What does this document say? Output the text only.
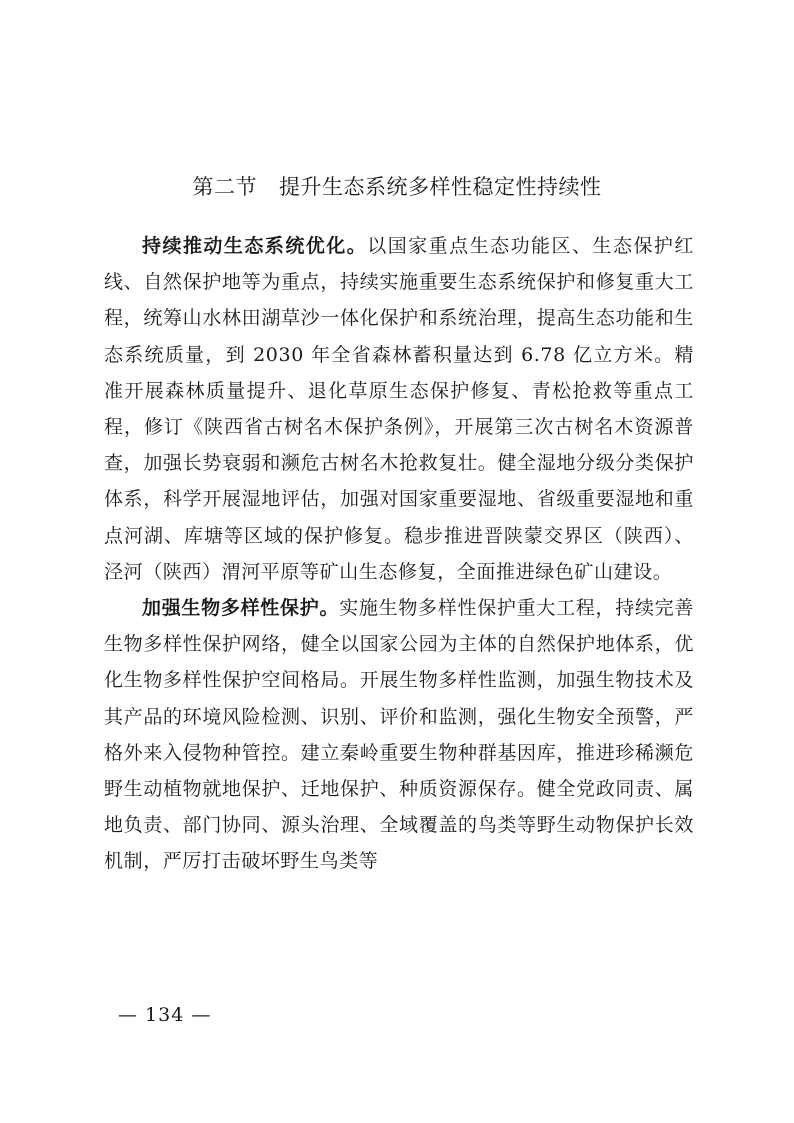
第二节 提升生态系统多样性稳定性持续性

持续推动生态系统优化。以国家重点生态功能区、生态保护红线、自然保护地等为重点，持续实施重要生态系统保护和修复重大工程，统筹山水林田湖草沙一体化保护和系统治理，提高生态功能和生态系统质量，到 2030 年全省森林蓄积量达到 6.78 亿立方米。精准开展森林质量提升、退化草原生态保护修复、青松抢救等重点工程，修订《陕西省古树名木保护条例》，开展第三次古树名木资源普查，加强长势衰弱和濒危古树名木抢救复壮。健全湿地分级分类保护体系，科学开展湿地评估，加强对国家重要湿地、省级重要湿地和重点河湖、库塘等区域的保护修复。稳步推进晋陕蒙交界区（陕西）、泾河（陕西）渭河平原等矿山生态修复，全面推进绿色矿山建设。

加强生物多样性保护。实施生物多样性保护重大工程，持续完善生物多样性保护网络，健全以国家公园为主体的自然保护地体系，优化生物多样性保护空间格局。开展生物多样性监测，加强生物技术及其产品的环境风险检测、识别、评价和监测，强化生物安全预警，严格外来入侵物种管控。建立秦岭重要生物种群基因库，推进珍稀濒危野生动植物就地保护、迁地保护、种质资源保存。健全党政同责、属地负责、部门协同、源头治理、全域覆盖的鸟类等野生动物保护长效机制，严厉打击破坏野生鸟类等

— 134 —
